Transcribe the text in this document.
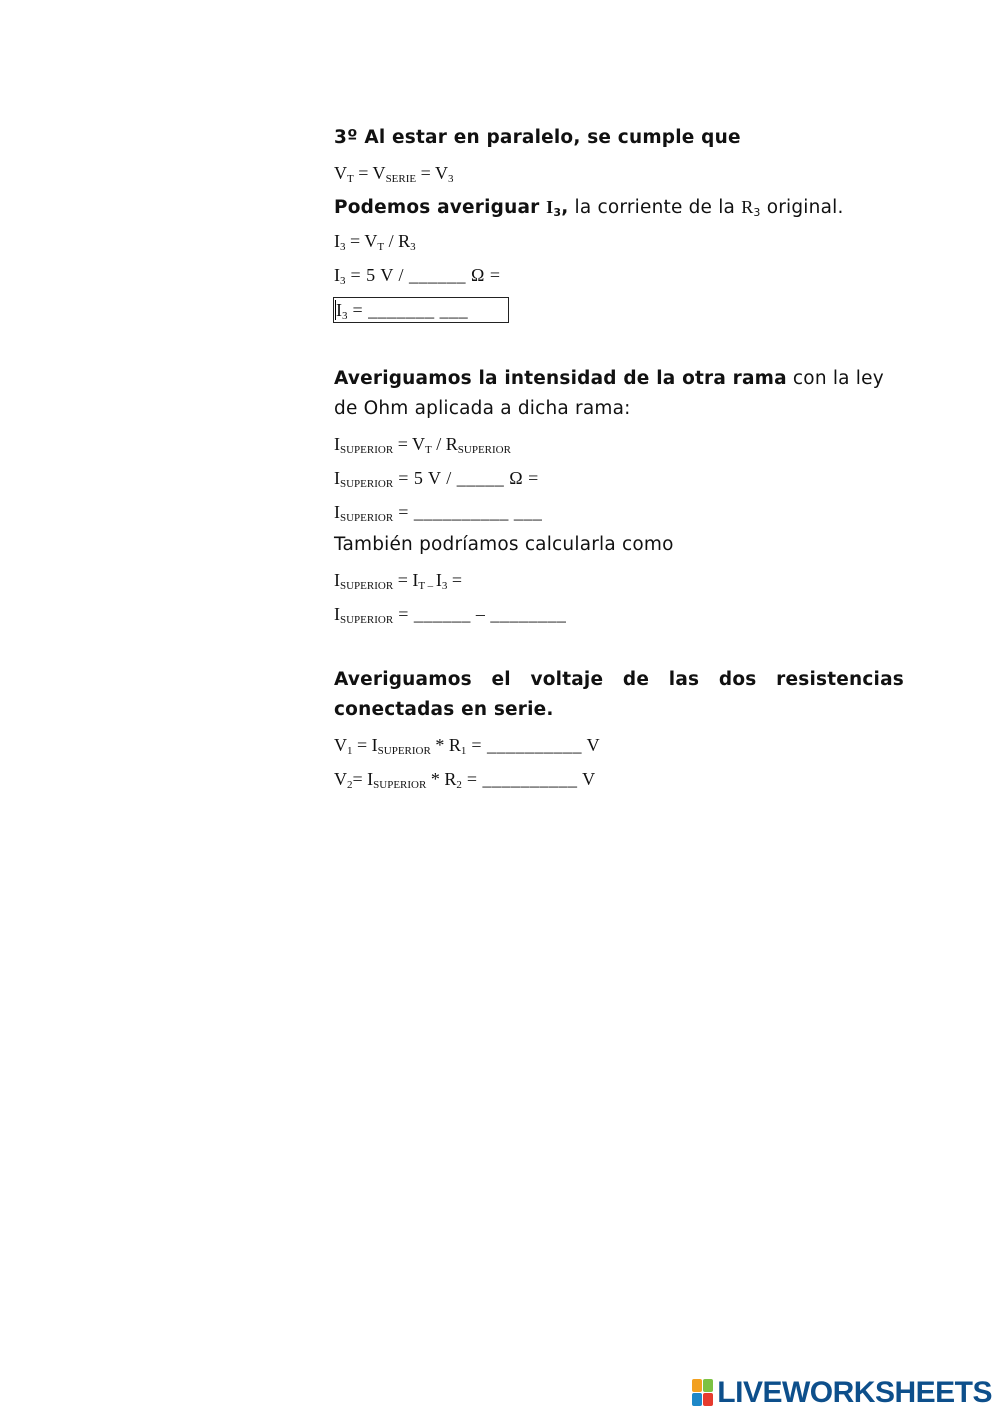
3º Al estar en paralelo, se cumple que
$V_T = V_{SERIE} = V_3$
Podemos averiguar $I_3$, la corriente de la $R_3$ original.
$I_3 = V_T / R_3$
$I_3 = 5$ V / ______ Ω =
$I_3$ = _______ ___
Averiguamos la intensidad de la otra rama con la ley
de Ohm aplicada a dicha rama:
$I_{SUPERIOR} = V_T / R_{SUPERIOR}$
$I_{SUPERIOR} = 5$ V / _____ Ω =
$I_{SUPERIOR}$ = __________ ___
También podríamos calcularla como
$I_{SUPERIOR} = I_{T -}$ $I_3$ =
$I_{SUPERIOR}$ = ______ – ________
Averiguamos el voltaje de las dos resistencias
conectadas en serie.
$V_1 = I_{SUPERIOR} * R_1$ = __________ V
$V_2= I_{SUPERIOR} * R_2$ = __________ V
LIVEWORKSHEETS
